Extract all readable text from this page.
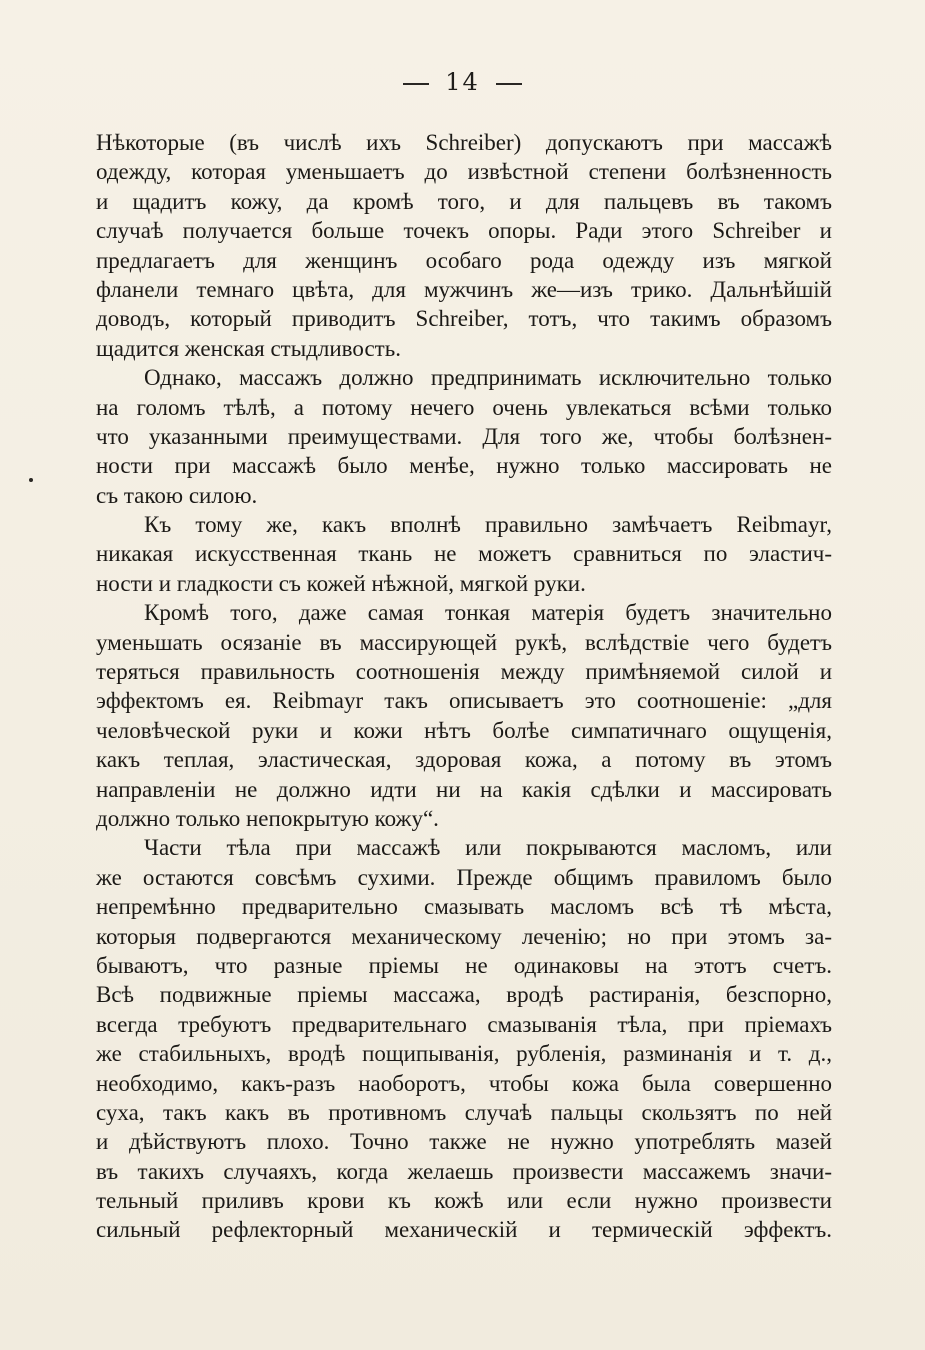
14
Нѣкоторые (въ числѣ ихъ Schreiber) допускаютъ при массажѣ
одежду, которая уменьшаетъ до извѣстной степени болѣзненность
и щадитъ кожу, да кромѣ того, и для пальцевъ въ такомъ
случаѣ получается больше точекъ опоры. Ради этого Schreiber и
предлагаетъ для женщинъ особаго рода одежду изъ мягкой
фланели темнаго цвѣта, для мужчинъ же—изъ трико. Дальнѣйшій
доводъ, который приводитъ Schreiber, тотъ, что такимъ образомъ
щадится женская стыдливость.
Однако, массажъ должно предпринимать исключительно только
на голомъ тѣлѣ, а потому нечего очень увлекаться всѣми только
что указанными преимуществами. Для того же, чтобы болѣзнен-
ности при массажѣ было менѣе, нужно только массировать не
съ такою силою.
Къ тому же, какъ вполнѣ правильно замѣчаетъ Reibmayr,
никакая искусственная ткань не можетъ сравниться по эластич-
ности и гладкости съ кожей нѣжной, мягкой руки.
Кромѣ того, даже самая тонкая матерія будетъ значительно
уменьшать осязаніе въ массирующей рукѣ, вслѣдствіе чего будетъ
теряться правильность соотношенія между примѣняемой силой и
эффектомъ ея. Reibmayr такъ описываетъ это соотношеніе: „для
человѣческой руки и кожи нѣтъ болѣе симпатичнаго ощущенія,
какъ теплая, эластическая, здоровая кожа, а потому въ этомъ
направленіи не должно идти ни на какія сдѣлки и массировать
должно только непокрытую кожу“.
Части тѣла при массажѣ или покрываются масломъ, или
же остаются совсѣмъ сухими. Прежде общимъ правиломъ было
непремѣнно предварительно смазывать масломъ всѣ тѣ мѣста,
которыя подвергаются механическому леченію; но при этомъ за-
бываютъ, что разные пріемы не одинаковы на этотъ счетъ.
Всѣ подвижные пріемы массажа, вродѣ растиранія, безспорно,
всегда требуютъ предварительнаго смазыванія тѣла, при пріемахъ
же стабильныхъ, вродѣ пощипыванія, рубленія, разминанія и т. д.,
необходимо, какъ-разъ наоборотъ, чтобы кожа была совершенно
суха, такъ какъ въ противномъ случаѣ пальцы скользятъ по ней
и дѣйствуютъ плохо. Точно также не нужно употреблять мазей
въ такихъ случаяхъ, когда желаешь произвести массажемъ значи-
тельный приливъ крови къ кожѣ или если нужно произвести
сильный рефлекторный механическій и термическій эффектъ.
